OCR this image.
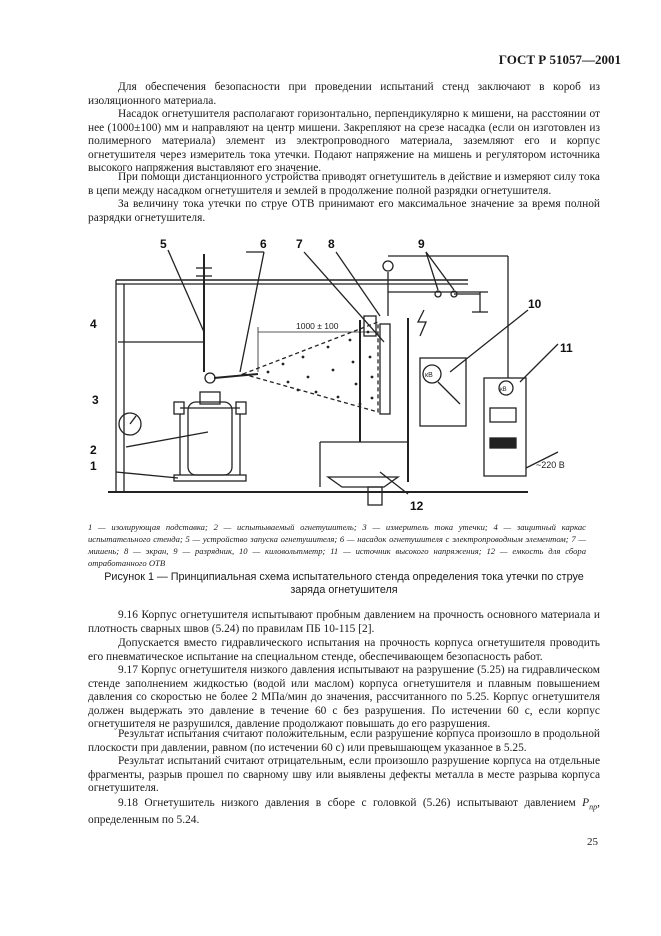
ГОСТ Р 51057—2001

Для обеспечения безопасности при проведении испытаний стенд заключают в короб из изоляционного материала.

Насадок огнетушителя располагают горизонтально, перпендикулярно к мишени, на расстоянии от нее (1000±100) мм и направляют на центр мишени. Закрепляют на срезе насадка (если он изготовлен из полимерного материала) элемент из электропроводного материала, заземляют его и корпус огнетушителя через измеритель тока утечки. Подают напряжение на мишень и регулятором источника высокого напряжения выставляют его значение.

При помощи дистанционного устройства приводят огнетушитель в действие и измеряют силу тока в цепи между насадком огнетушителя и землей в продолжение полной разрядки огнетушителя.

За величину тока утечки по струе ОТВ принимают его максимальное значение за время полной разрядки огнетушителя.

1000 ± 100
кВ
кВ
~220 В
1
2
3
4
5	6 7 8	9
10
11
12
1 — изолирующая подставка; 2 — испытываемый огнетушитель; 3 — измеритель тока утечки; 4 — защитный каркас испытательного стенда; 5 — устройство запуска огнетушителя; 6 — насадок огнетушителя с электропроводным элементом; 7 — мишень; 8 — экран, 9 — разрядник, 10 — киловольтметр; 11 — источник высокого напряжения; 12 — емкость для сбора отработанного ОТВ
Рисунок 1 — Принципиальная схема испытательного стенда определения тока утечки по струе заряда огнетушителя

9.16 Корпус огнетушителя испытывают пробным давлением на прочность основного материала и плотность сварных швов (5.24) по правилам ПБ 10-115 [2].

Допускается вместо гидравлического испытания на прочность корпуса огнетушителя проводить его пневматическое испытание на специальном стенде, обеспечивающем безопасность работ.

9.17 Корпус огнетушителя низкого давления испытывают на разрушение (5.25) на гидравлическом стенде заполнением жидкостью (водой или маслом) корпуса огнетушителя и плавным повышением давления со скоростью не более 2 МПа/мин до значения, рассчитанного по 5.25. Корпус огнетушителя должен выдержать это давление в течение 60 с без разрушения. По истечении 60 с, если корпус огнетушителя не разрушился, давление продолжают повышать до его разрушения.

Результат испытания считают положительным, если разрушение корпуса произошло в продольной плоскости при давлении, равном (по истечении 60 с) или превышающем указанное в 5.25.

Результат испытаний считают отрицательным, если произошло разрушение корпуса на отдельные фрагменты, разрыв прошел по сварному шву или выявлены дефекты металла в месте разрыва корпуса огнетушителя.

9.18 Огнетушитель низкого давления в сборе с головкой (5.26) испытывают давлением $P_{пр}$, определенным по 5.24.

25
